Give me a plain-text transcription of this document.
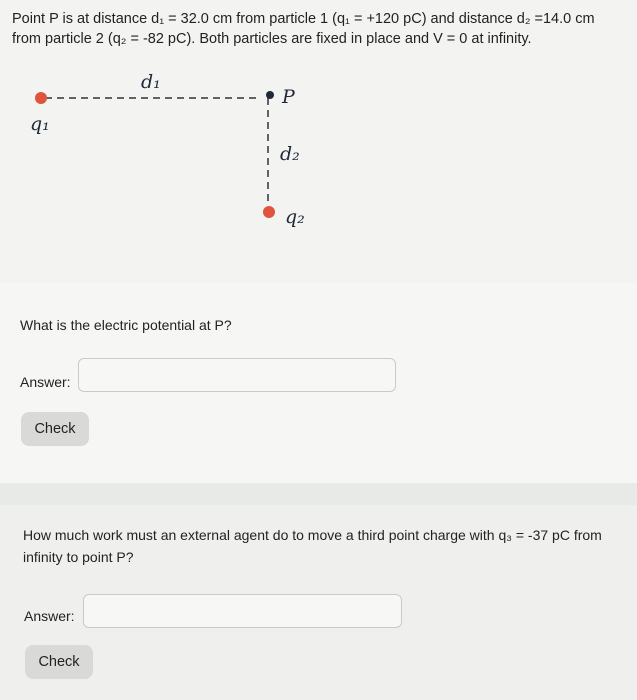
Point P is at distance d₁ = 32.0 cm from particle 1 (q₁ = +120 pC) and distance d₂ =14.0 cm from particle 2 (q₂ = -82 pC). Both particles are fixed in place and V = 0 at infinity.
d₁
P
q₁
d₂
q₂
What is the electric potential at P?
Answer:
Check
How much work must an external agent do to move a third point charge with q₃ = -37 pC from infinity to point P?
Answer:
Check
